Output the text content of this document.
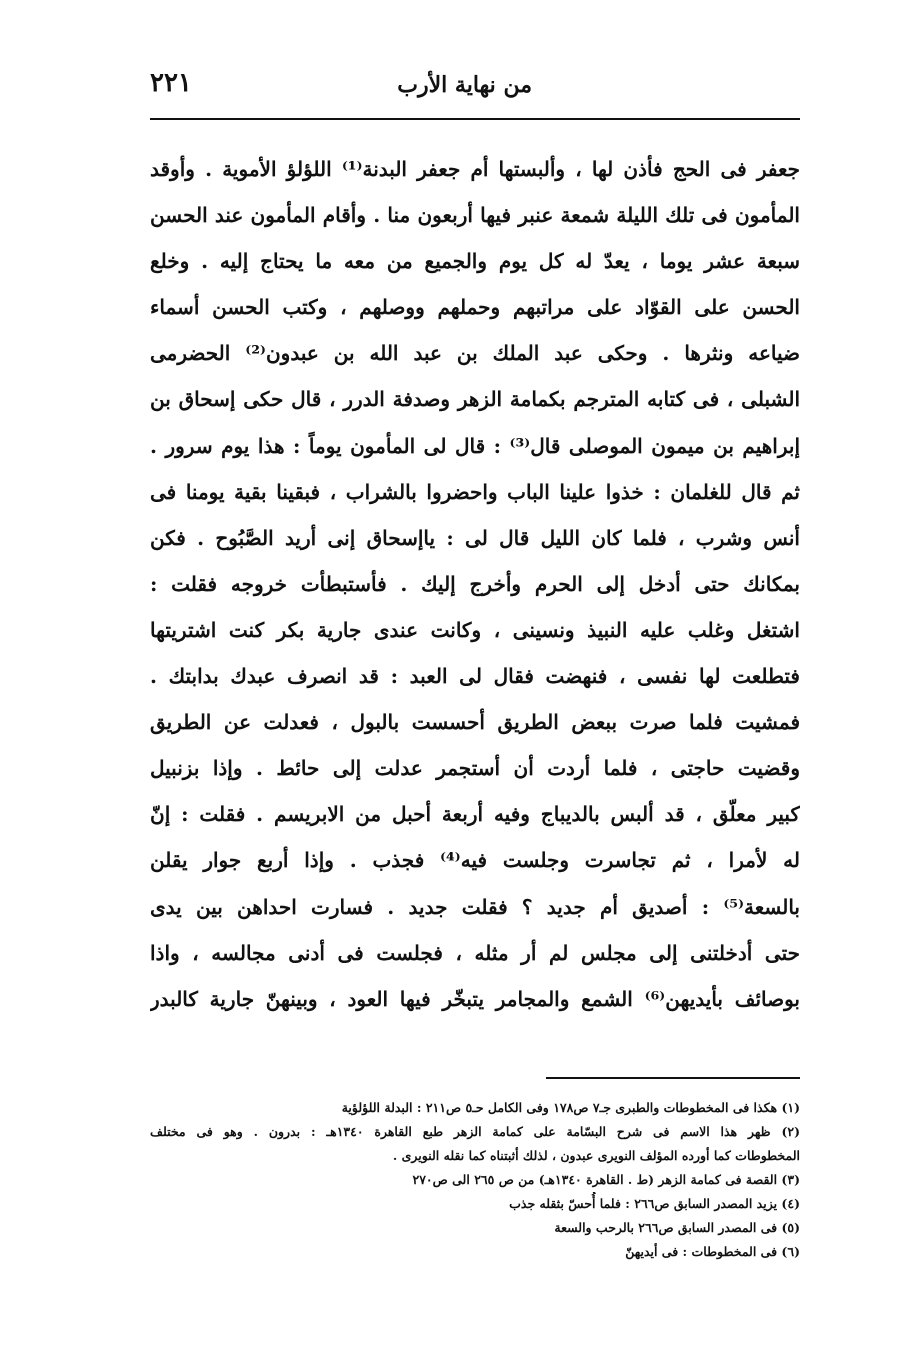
من نهاية الأرب
٢٢١
جعفر فى الحج فأذن لها ، وألبستها أم جعفر البدنة⁽¹⁾ اللؤلؤ الأموية . وأوقد
المأمون فى تلك الليلة شمعة عنبر فيها أربعون منا . وأقام المأمون عند الحسن
سبعة عشر يوما ، يعدّ له كل يوم والجميع من معه ما يحتاج إليه . وخلع
الحسن على القوّاد على مراتبهم وحملهم ووصلهم ، وكتب الحسن أسماء
ضياعه ونثرها . وحكى عبد الملك بن عبد الله بن عبدون⁽²⁾ الحضرمى
الشبلى ، فى كتابه المترجم بكمامة الزهر وصدفة الدرر ، قال حكى إسحاق بن
إبراهيم بن ميمون الموصلى قال⁽³⁾ : قال لى المأمون يوماً : هذا يوم سرور .
ثم قال للغلمان : خذوا علينا الباب واحضروا بالشراب ، فبقينا بقية يومنا فى
أنس وشرب ، فلما كان الليل قال لى : ياإسحاق إنى أريد الصَّبُوح . فكن
بمكانك حتى أدخل إلى الحرم وأخرج إليك . فأستبطأت خروجه فقلت :
اشتغل وغلب عليه النبيذ ونسينى ، وكانت عندى جارية بكر كنت اشتريتها
فتطلعت لها نفسى ، فنهضت فقال لى العبد : قد انصرف عبدك بدابتك .
فمشيت فلما صرت ببعض الطريق أحسست بالبول ، فعدلت عن الطريق
وقضيت حاجتى ، فلما أردت أن أستجمر عدلت إلى حائط . وإذا بزنبيل
كبير معلّق ، قد ألبس بالديباج وفيه أربعة أحبل من الابريسم . فقلت : إنّ
له لأمرا ، ثم تجاسرت وجلست فيه⁽⁴⁾ فجذب . وإذا أربع جوار يقلن
بالسعة⁽⁵⁾ : أصديق أم جديد ؟ فقلت جديد . فسارت احداهن بين يدى
حتى أدخلتنى إلى مجلس لم أر مثله ، فجلست فى أدنى مجالسه ، واذا
بوصائف بأيديهن⁽⁶⁾ الشمع والمجامر يتبخّر فيها العود ، وبينهنّ جارية كالبدر
(١) هكذا فى المخطوطات والطبرى جـ٧ ص١٧٨ وفى الكامل حـ٥ ص٢١١ : البدلة اللؤلؤية
(٢) ظهر هذا الاسم فى شرح البسّامة على كمامة الزهر طبع القاهرة ١٣٤٠هـ : بدرون . وهو فى مختلف
المخطوطات كما أورده المؤلف النويرى عبدون ، لذلك أثبتناه كما نقله النويرى .
(٣) القصة فى كمامة الزهر (ط . القاهرة ١٣٤٠هـ) من ص ٢٦٥ الى ص٢٧٠
(٤) يزيد المصدر السابق ص٢٦٦ : فلما أُحسّ بثقله جذب
(٥) فى المصدر السابق ص٢٦٦ بالرحب والسعة
(٦) فى المخطوطات : فى أيديهنّ
